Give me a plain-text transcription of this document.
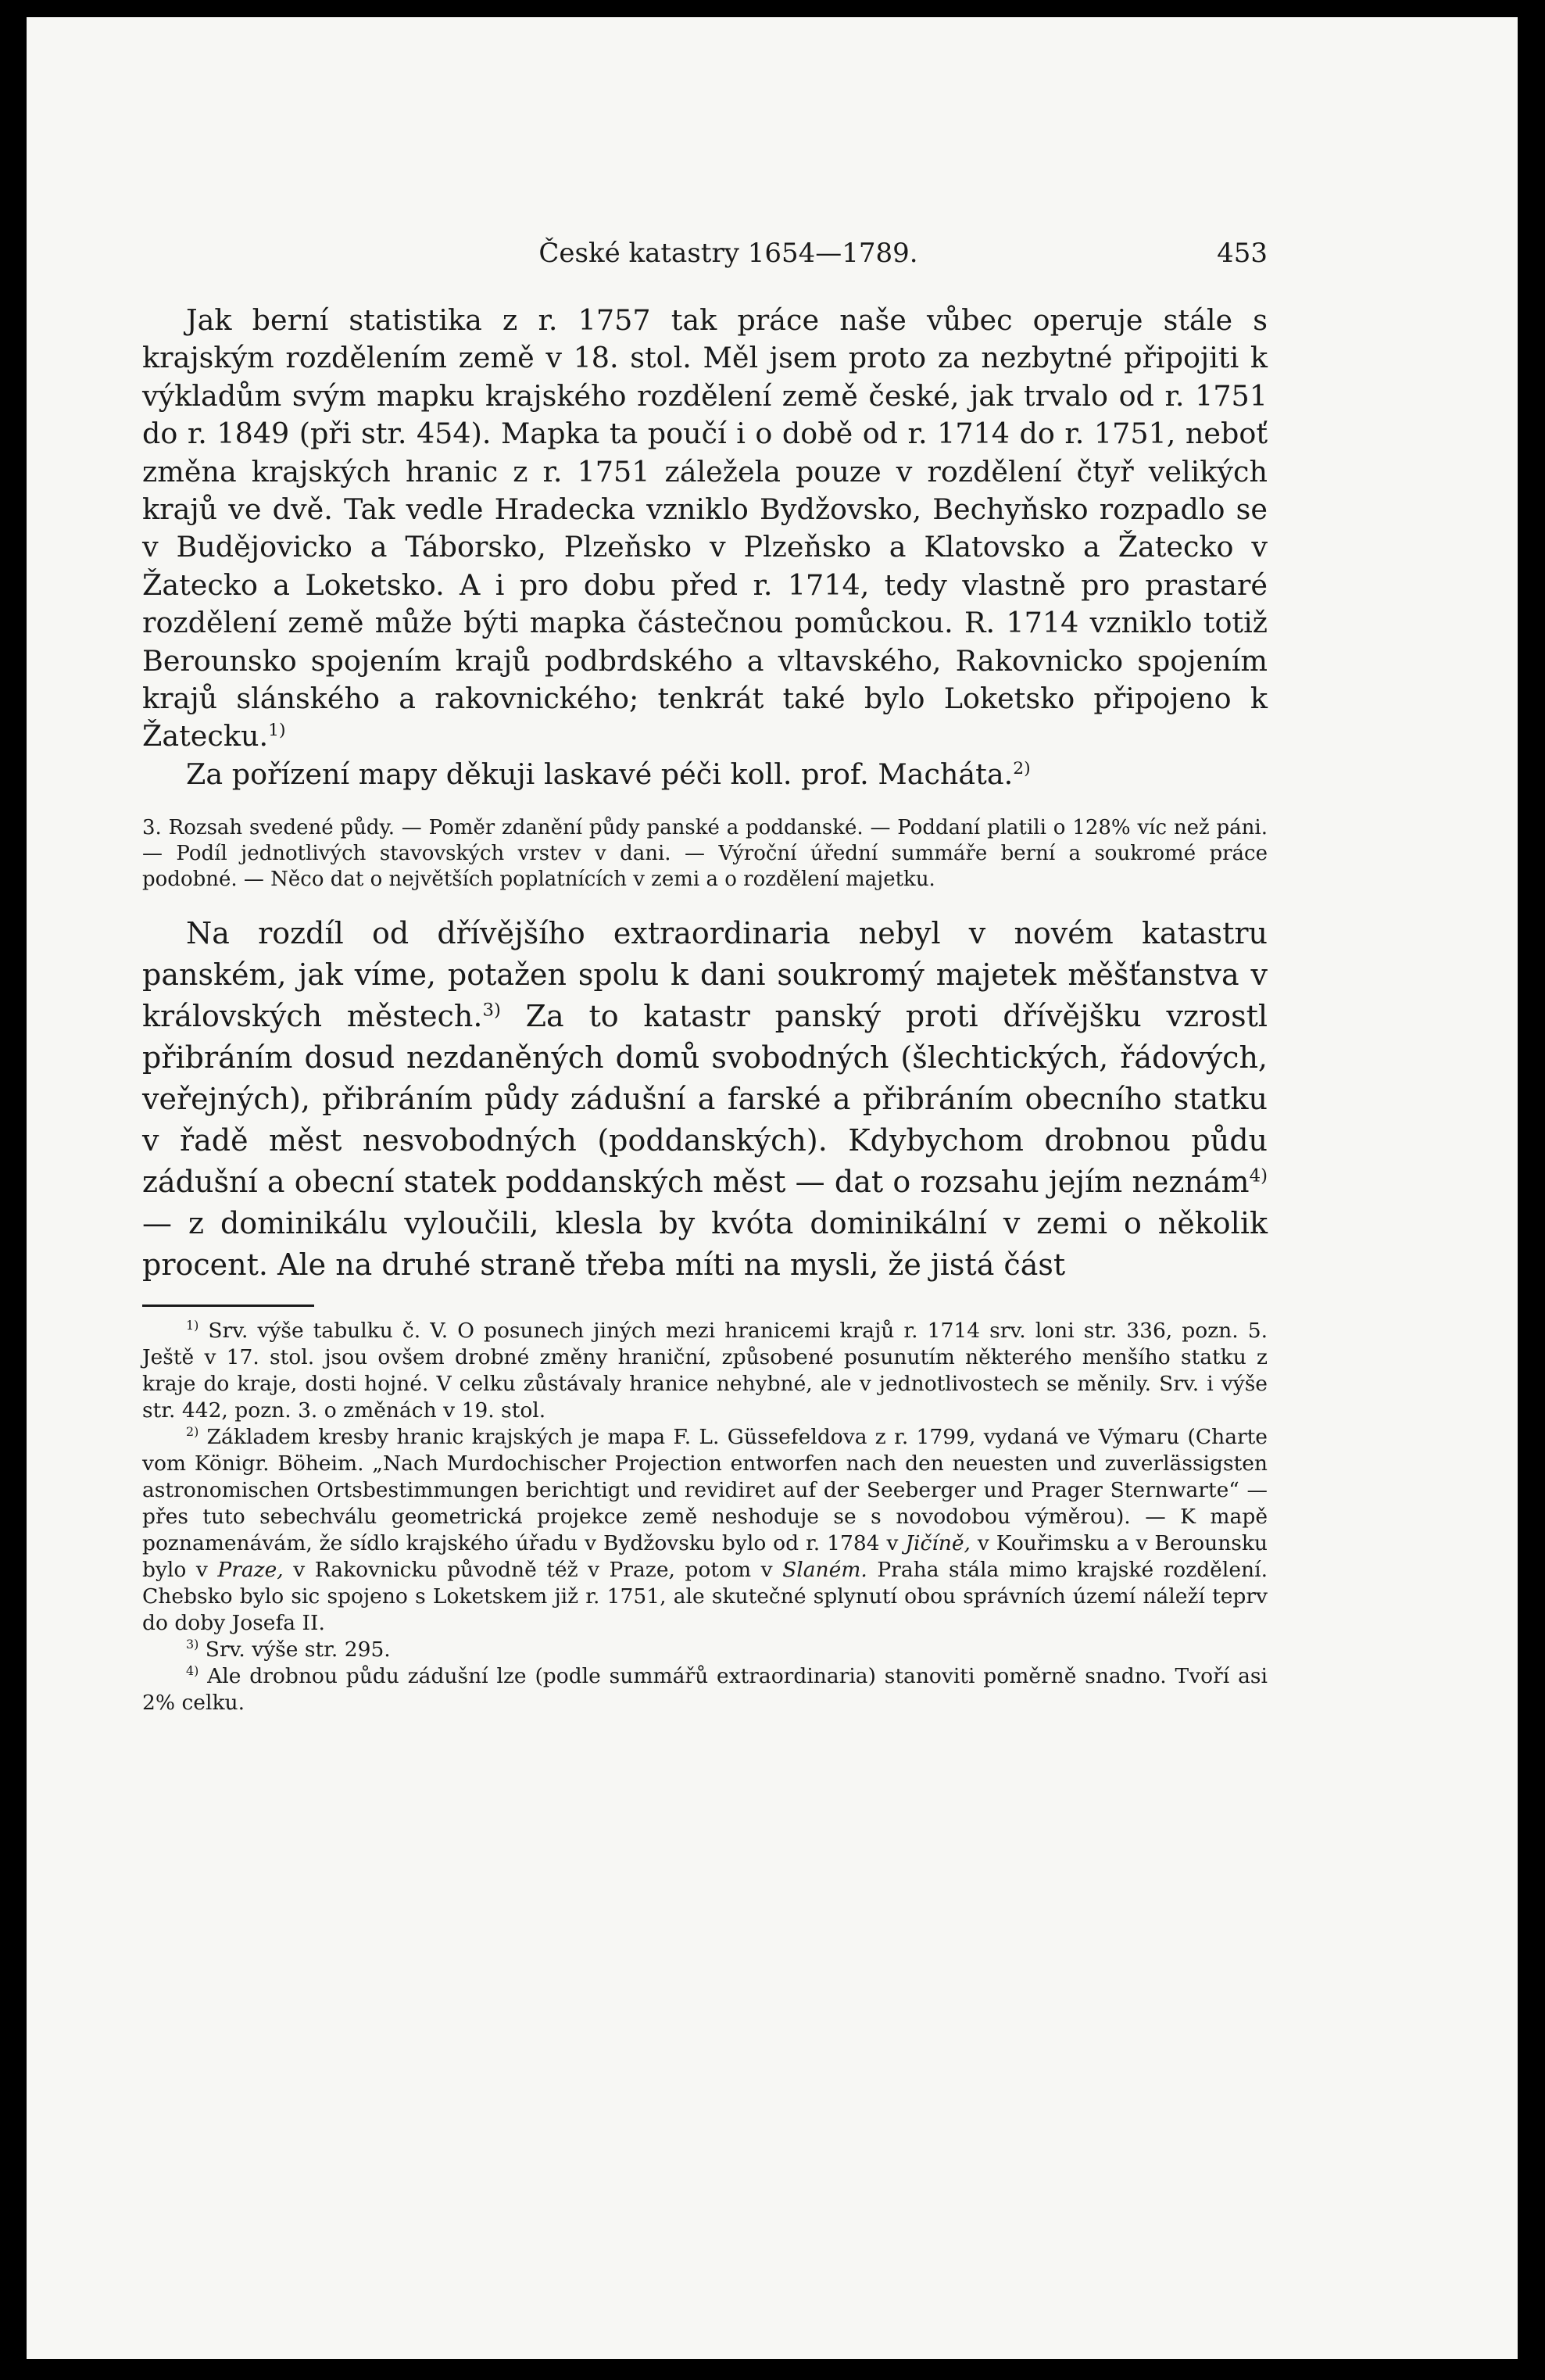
České katastry 1654—1789.	453

Jak berní statistika z r. 1757 tak práce naše vůbec operuje stále s krajským rozdělením země v 18. stol. Měl jsem proto za nezbytné připojiti k výkladům svým mapku krajského rozdělení země české, jak trvalo od r. 1751 do r. 1849 (při str. 454). Mapka ta poučí i o době od r. 1714 do r. 1751, neboť změna krajských hranic z r. 1751 záležela pouze v rozdělení čtyř velikých krajů ve dvě. Tak vedle Hradecka vzniklo Bydžovsko, Bechyňsko rozpadlo se v Budějovicko a Táborsko, Plzeňsko v Plzeňsko a Klatovsko a Žatecko v Žatecko a Loketsko. A i pro dobu před r. 1714, tedy vlastně pro prastaré rozdělení země může býti mapka částečnou pomůckou. R. 1714 vzniklo totiž Berounsko spojením krajů podbrdského a vltavského, Rakovnicko spojením krajů slánského a rakovnického; tenkrát také bylo Loketsko připojeno k Žatecku.$^{1)}$

Za pořízení mapy děkuji laskavé péči koll. prof. Macháta.$^{2)}$

3. Rozsah svedené půdy. — Poměr zdanění půdy panské a poddanské. — Poddaní platili o 128% víc než páni. — Podíl jednotlivých stavovských vrstev v dani. — Výroční úřední summáře berní a soukromé práce podobné. — Něco dat o největších poplatnících v zemi a o rozdělení majetku.

Na rozdíl od dřívějšího extraordinaria nebyl v novém katastru panském, jak víme, potažen spolu k dani soukromý majetek měšťanstva v královských městech.$^{3)}$ Za to katastr panský proti dřívějšku vzrostl přibráním dosud nezdaněných domů svobodných (šlechtických, řádových, veřejných), přibráním půdy zádušní a farské a přibráním obecního statku v řadě měst nesvobodných (poddanských). Kdybychom drobnou půdu zádušní a obecní statek poddanských měst — dat o rozsahu jejím neznám$^{4)}$ — z dominikálu vyloučili, klesla by kvóta dominikální v zemi o několik procent. Ale na druhé straně třeba míti na mysli, že jistá část

$^{1)}$ Srv. výše tabulku č. V. O posunech jiných mezi hranicemi krajů r. 1714 srv. loni str. 336, pozn. 5. Ještě v 17. stol. jsou ovšem drobné změny hraniční, způsobené posunutím některého menšího statku z kraje do kraje, dosti hojné. V celku zůstávaly hranice nehybné, ale v jednotlivostech se měnily. Srv. i výše str. 442, pozn. 3. o změnách v 19. stol.

$^{2)}$ Základem kresby hranic krajských je mapa F. L. Güssefeldova z r. 1799, vydaná ve Výmaru (Charte vom Königr. Böheim. „Nach Murdochischer Projection entworfen nach den neuesten und zuverlässigsten astronomischen Ortsbestimmungen berichtigt und revidiret auf der Seeberger und Prager Sternwarte“ — přes tuto sebechválu geometrická projekce země neshoduje se s novodobou výměrou). — K mapě poznamenávám, že sídlo krajského úřadu v Bydžovsku bylo od r. 1784 v Jičíně, v Kouřimsku a v Berounsku bylo v Praze, v Rakovnicku původně též v Praze, potom v Slaném. Praha stála mimo krajské rozdělení. Chebsko bylo sic spojeno s Loketskem již r. 1751, ale skutečné splynutí obou správních území náleží teprv do doby Josefa II.

$^{3)}$ Srv. výše str. 295.

$^{4)}$ Ale drobnou půdu zádušní lze (podle summářů extraordinaria) stanoviti poměrně snadno. Tvoří asi 2% celku.
